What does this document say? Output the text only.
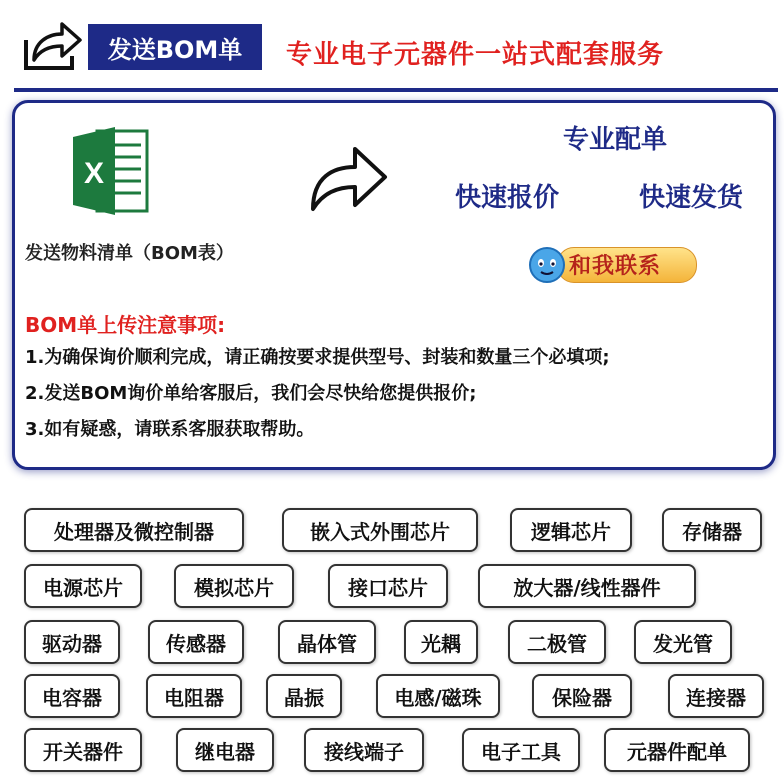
发送BOM单	专业电子元器件一站式配套服务
X
发送物料清单（BOM表）
专业配单
快速报价	快速发货
和我联系
BOM单上传注意事项:
1.为确保询价顺利完成，请正确按要求提供型号、封装和数量三个必填项;
2.发送BOM询价单给客服后，我们会尽快给您提供报价;
3.如有疑惑，请联系客服获取帮助。
处理器及微控制器	嵌入式外围芯片	逻辑芯片	存储器
电源芯片	模拟芯片	接口芯片	放大器/线性器件
驱动器	传感器	晶体管	光耦	二极管	发光管
电容器	电阻器	晶振	电感/磁珠	保险器	连接器
开关器件	继电器	接线端子	电子工具	元器件配单
